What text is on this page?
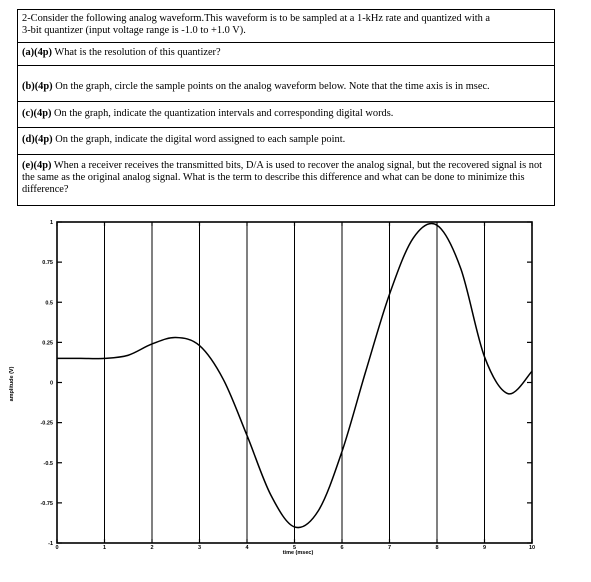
2-Consider the following analog waveform.This waveform is to be sampled at a 1-kHz rate and quantized with a
3-bit quantizer (input voltage range is -1.0 to +1.0 V).
(a)(4p) What is the resolution of this quantizer?
(b)(4p) On the graph, circle the sample points on the analog waveform below. Note that the time axis is in msec.
(c)(4p) On the graph, indicate the quantization intervals and corresponding digital words.
(d)(4p) On the graph, indicate the digital word assigned to each sample point.
(e)(4p) When a receiver receives the transmitted bits, D/A is used to recover the analog signal, but the recovered signal is not the same as the original analog signal. What is the term to describe this difference and what can be done to minimize this difference?
0	1	2	3	4	5	6	7	8	9	10
1
0.75
0.5
0.25
0
-0.25
-0.5
-0.75
-1
time (msec)
amplitude (V)
